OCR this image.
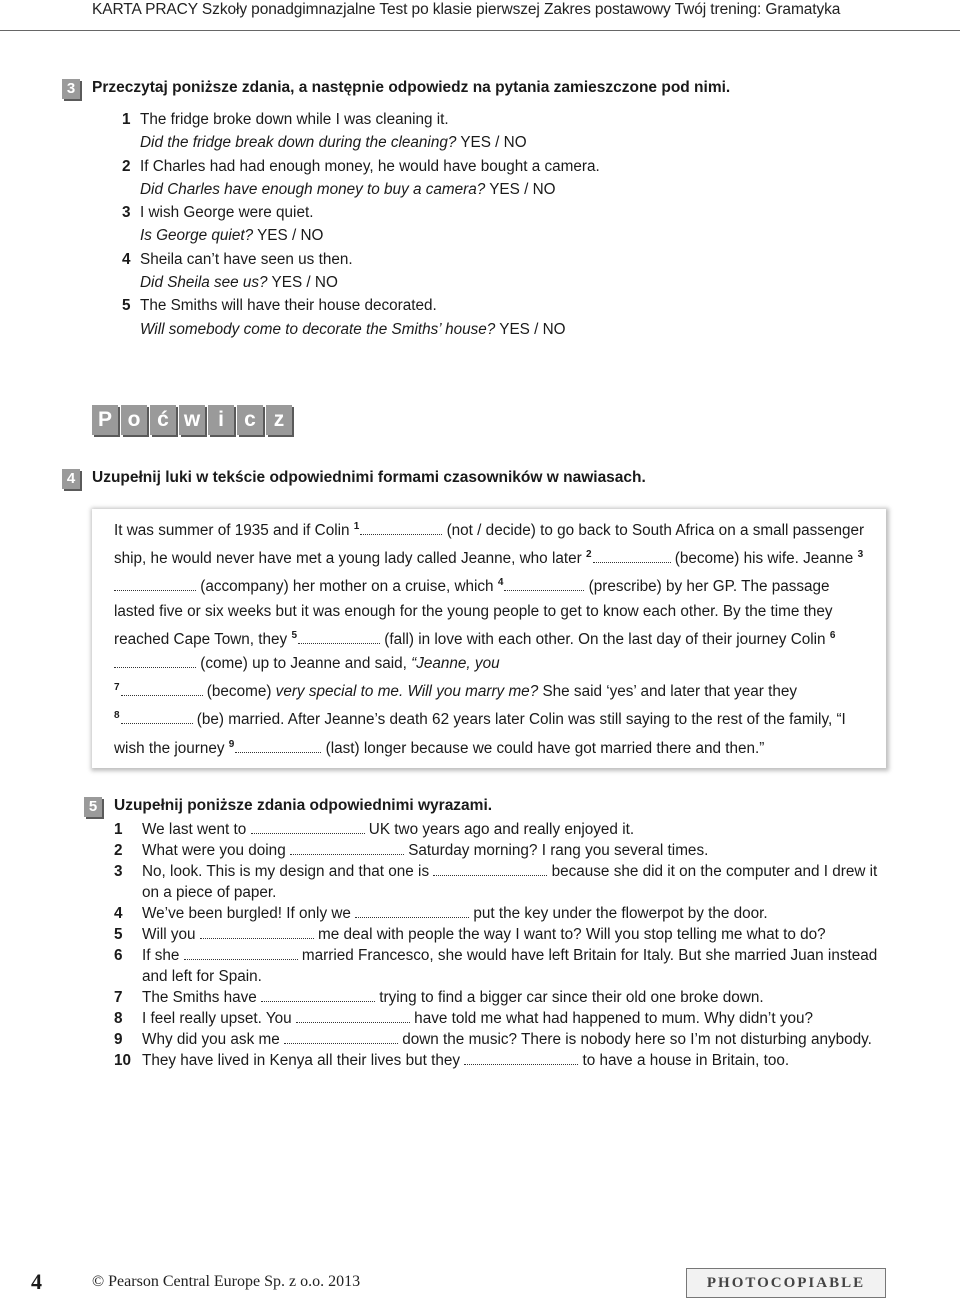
KARTA PRACY Szkoły ponadgimnazjalne Test po klasie pierwszej Zakres postawowy Twój trening: Gramatyka
3	Przeczytaj poniższe zdania, a następnie odpowiedz na pytania zamieszczone pod nimi.
1 The fridge broke down while I was cleaning it.
Did the fridge break down during the cleaning? YES / NO
2 If Charles had had enough money, he would have bought a camera.
Did Charles have enough money to buy a camera? YES / NO
3 I wish George were quiet.
Is George quiet? YES / NO
4 Sheila can’t have seen us then.
Did Sheila see us? YES / NO
5 The Smiths will have their house decorated.
Will somebody come to decorate the Smiths’ house? YES / NO
P o ć w i c z
4	Uzupełnij luki w tekście odpowiednimi formami czasowników w nawiasach.
It was summer of 1935 and if Colin $^1$	(not / decide) to go back to South Africa on a small passenger ship, he would never have met a young lady called Jeanne, who later $^2$	(become) his wife. Jeanne $^3$ (accompany) her mother on a cruise, which $^4$	(prescribe) by her GP. The passage lasted five or six weeks but it was enough for the young people to get to know each other. By the time they reached Cape Town, they $^5$	(fall) in love with each other. On the last day of their journey Colin $^6$ (come) up to Jeanne and said, “Jeanne, you
$^7$	(become) very special to me. Will you marry me? She said ‘yes’ and later that year they
$^8$	(be) married. After Jeanne’s death 62 years later Colin was still saying to the rest of the family, “I wish the journey $^9$	(last) longer because we could have got married there and then.”
5	Uzupełnij poniższe zdania odpowiednimi wyrazami.
1	We last went to	UK two years ago and really enjoyed it.
2	What were you doing	Saturday morning? I rang you several times.
3	No, look. This is my design and that one is	because she did it on the computer and I drew it on a piece of paper.
4	We’ve been burgled! If only we	put the key under the flowerpot by the door.
5	Will you	me deal with people the way I want to? Will you stop telling me what to do?
6	If she	married Francesco, she would have left Britain for Italy. But she married Juan instead and left for Spain.
7	The Smiths have	trying to find a bigger car since their old one broke down.
8	I feel really upset. You	have told me what had happened to mum. Why didn’t you?
9	Why did you ask me	down the music? There is nobody here so I’m not disturbing anybody.
10 They have lived in Kenya all their lives but they	to have a house in Britain, too.
4	© Pearson Central Europe Sp. z o.o. 2013	PHOTOCOPIABLE
